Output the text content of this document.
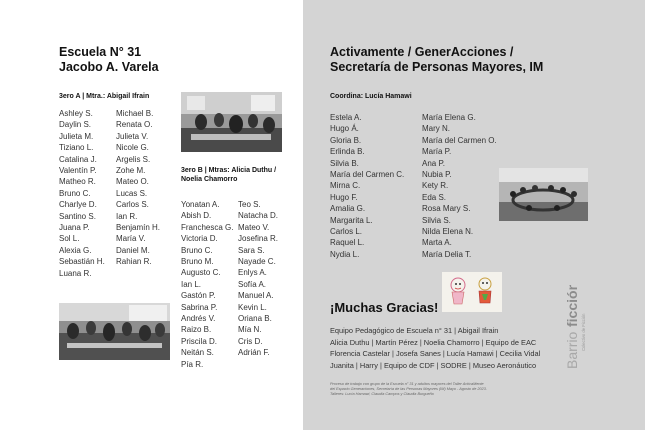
Escuela N° 31
Jacobo A. Varela
3ero A | Mtra.: Abigail Ifrain
Ashley S.
Daylin S.
Julieta M.
Tiziano L.
Catalina J.
Valentín P.
Matheo R.
Bruno C.
Charlye D.
Santino S.
Juana P.
Sol L.
Alexia G.
Sebastián H.
Luana R.
Michael B.
Renata O.
Julieta V.
Nicole G.
Argelis S.
Zohe M.
Mateo O.
Lucas S.
Carlos S.
Ian R.
Benjamín H.
María V.
Daniel M.
Rahian R.
3ero B | Mtras: Alicia Duthu /
Noelia Chamorro
Yonatan A.
Abish D.
Franchesca G.
Victoria D.
Bruno C.
Bruno M.
Augusto C.
Ian L.
Gastón P.
Sabrina P.
Andrés V.
Raizo B.
Priscila D.
Neitán S.
Pía R.
Teo S.
Natacha D.
Mateo V.
Josefina R.
Sara S.
Nayade C.
Enlys A.
Sofía A.
Manuel A.
Kevin L.
Oriana B.
Mía N.
Cris D.
Adrián F.
Activamente / GenerAcciones /
Secretaría de Personas Mayores, IM
Coordina: Lucía Hamawi
Estela A.
Hugo Á.
Gloria B.
Erlinda B.
Silvia B.
María del Carmen C.
Mirna C.
Hugo F.
Amalia G.
Margarita L.
Carlos L.
Raquel L.
Nydia L.
María Elena G.
Mary N.
María del Carmen O.
María P.
Ana P.
Nubia P.
Kety R.
Eda S.
Rosa Mary S.
Silvia S.
Nilda Elena N.
Marta A.
María Delia T.
¡Muchas Gracias!
Equipo Pedagógico de Escuela n° 31 | Abigail Ifrain
Alicia Duthu | Martín Pérez | Noelia Chamorro | Equipo de EAC
Florencia Castelar | Josefa Sanes | Lucía Hamawi | Cecilia Vidal
Juanita | Harry | Equipo de CDF | SODRE | Museo Aeronáutico
Proceso de trabajo con grupo de la Escuela n° 31 y adultos mayores del Taller ActivaMente
del Espacio Generaciones, Secretaría de las Personas Mayores (IM) Mayo - Agosto de 2023.
Talleres: Lucía Hamawi, Claudia Campos y Claudia Burgueño
Barrio
ficción
Colectivo de Ficción
